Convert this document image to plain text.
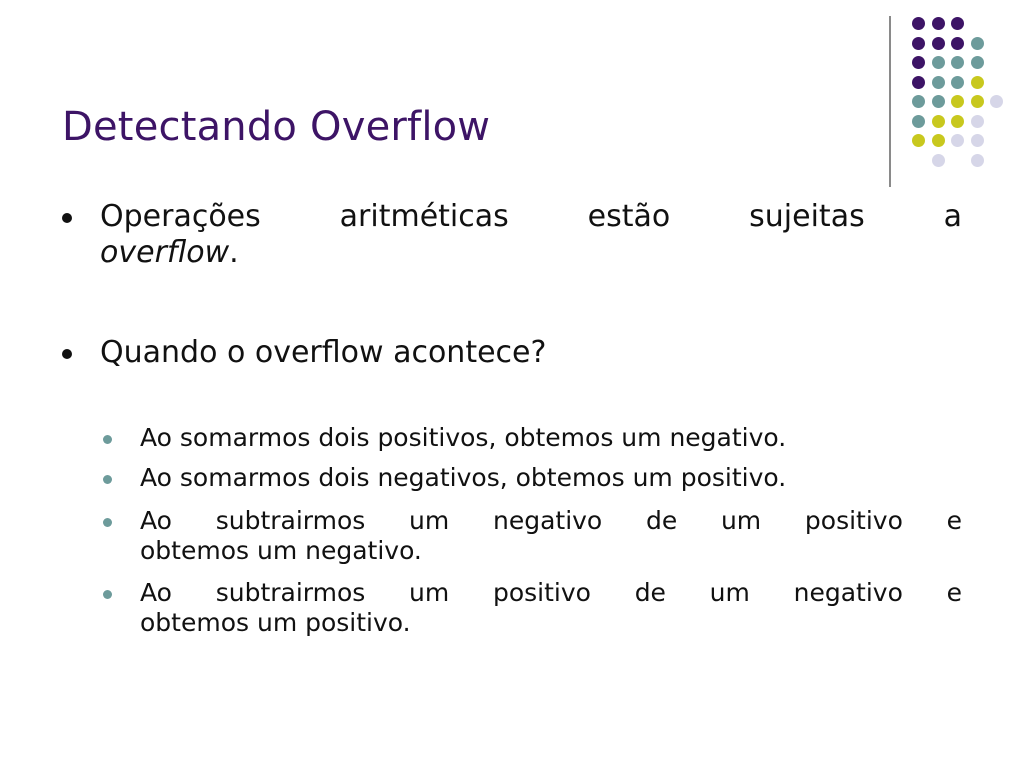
Detectando Overflow
Operações aritméticas estão sujeitas a
overflow.
Quando o overflow acontece?
Ao somarmos dois positivos, obtemos um negativo.
Ao somarmos dois negativos, obtemos um positivo.
Ao subtrairmos um negativo de um positivo e
obtemos um negativo.
Ao subtrairmos um positivo de um negativo e
obtemos um positivo.
